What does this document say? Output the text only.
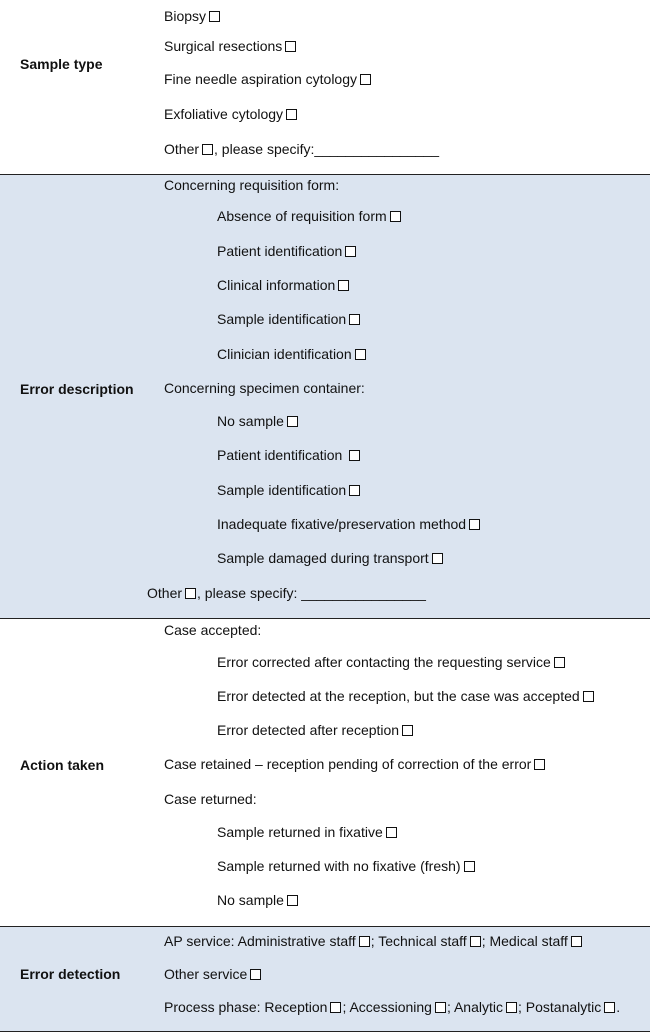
Sample type
Biopsy
Surgical resections
Fine needle aspiration cytology
Exfoliative cytology
Other , please specify:________________
Error description
Concerning requisition form:
Absence of requisition form
Patient identification
Clinical information
Sample identification
Clinician identification
Concerning specimen container:
No sample
Patient identification
Sample identification
Inadequate fixative/preservation method
Sample damaged during transport
Other , please specify: ________________
Action taken
Case accepted:
Error corrected after contacting the requesting service
Error detected at the reception, but the case was accepted
Error detected after reception
Case retained – reception pending of correction of the error
Case returned:
Sample returned in fixative
Sample returned with no fixative (fresh)
No sample
Error detection
AP service: Administrative staff ; Technical staff ; Medical staff
Other service
Process phase: Reception ; Accessioning ; Analytic ; Postanalytic .
